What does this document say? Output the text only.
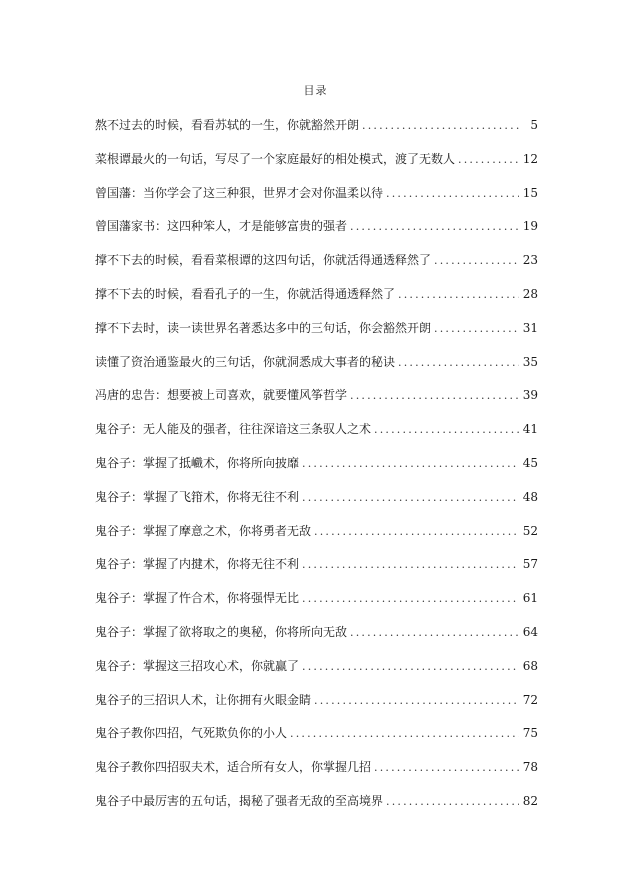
目录
熬不过去的时候，看看苏轼的一生，你就豁然开朗 .....	5
菜根谭最火的一句话，写尽了一个家庭最好的相处模式，渡了无数人 .....	12
曾国藩：当你学会了这三种狠，世界才会对你温柔以待 .....	15
曾国藩家书：这四种笨人，才是能够富贵的强者 .....	19
撑不下去的时候，看看菜根谭的这四句话，你就活得通透释然了 .....	23
撑不下去的时候，看看孔子的一生，你就活得通透释然了 .....	28
撑不下去时，读一读世界名著悉达多中的三句话，你会豁然开朗 .....	31
读懂了资治通鉴最火的三句话，你就洞悉成大事者的秘诀 .....	35
冯唐的忠告：想要被上司喜欢，就要懂风筝哲学 .....	39
鬼谷子：无人能及的强者，往往深谙这三条驭人之术 .....	41
鬼谷子：掌握了抵巇术，你将所向披靡 .....	45
鬼谷子：掌握了飞箝术，你将无往不利 .....	48
鬼谷子：掌握了摩意之术，你将勇者无敌 .....	52
鬼谷子：掌握了内揵术，你将无往不利 .....	57
鬼谷子：掌握了忤合术，你将强悍无比 .....	61
鬼谷子：掌握了欲将取之的奥秘，你将所向无敌 .....	64
鬼谷子：掌握这三招攻心术，你就赢了 .....	68
鬼谷子的三招识人术，让你拥有火眼金睛 .....	72
鬼谷子教你四招，气死欺负你的小人 .....	75
鬼谷子教你四招驭夫术，适合所有女人，你掌握几招 .....	78
鬼谷子中最厉害的五句话，揭秘了强者无敌的至高境界 .....	82
